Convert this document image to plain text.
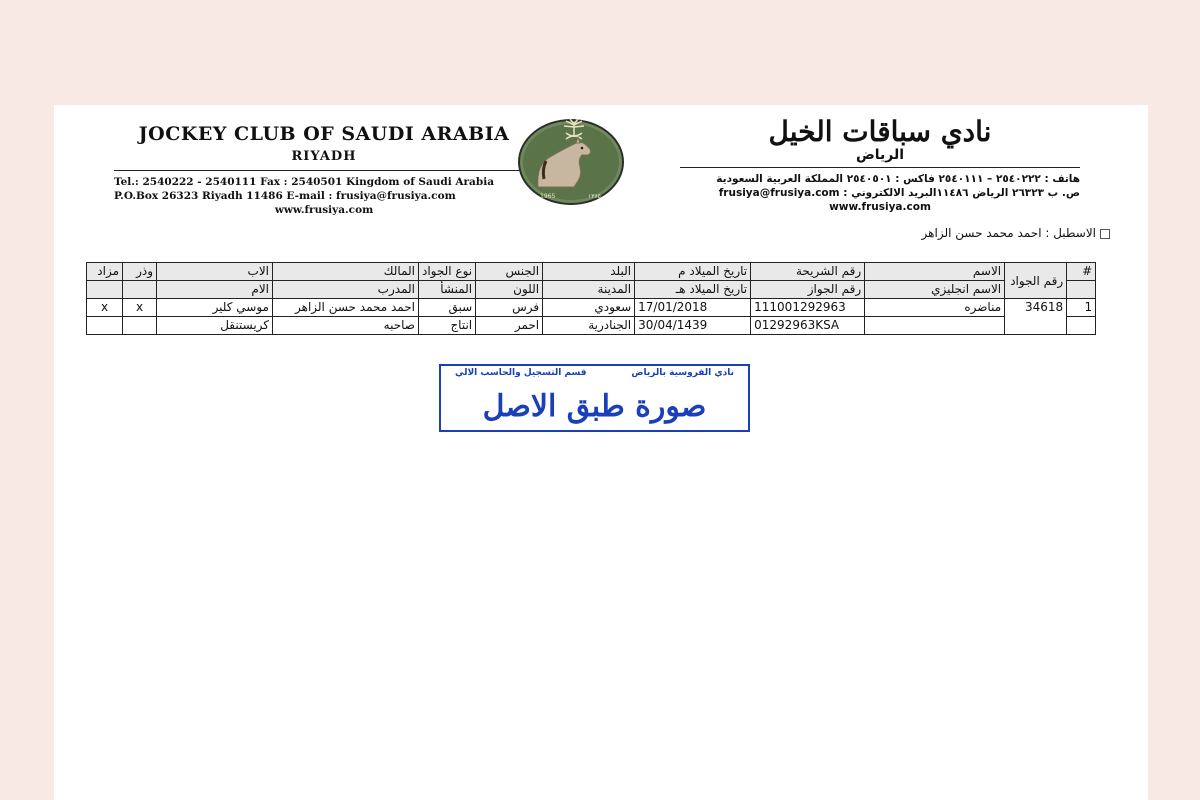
JOCKEY CLUB OF SAUDI ARABIA
RIYADH
Tel.: 2540222 - 2540111 Fax : 2540501 Kingdom of Saudi Arabia
P.O.Box 26323 Riyadh 11486 E-mail : frusiya@frusiya.com
www.frusiya.com
1965	١٣٨٥
نادي سباقات الخيل
الرياض
هاتف : ٢٥٤٠٢٢٢ – ٢٥٤٠١١١ فاكس : ٢٥٤٠٥٠١ المملكة العربية السعودية
ص. ب ٢٦٣٢٣ الرياض ١١٤٨٦البريد الالكتروني : frusiya@frusiya.com
www.frusiya.com
الاسطبل : احمد محمد حسن الزاهر
#	رقم الجواد	الاسم	رقم الشريحة	تاريخ الميلاد م	البلد	الجنس	نوع الجواد	المالك	الاب	وذر	مزاد
		الاسم انجليزي	رقم الجواز	تاريخ الميلاد هـ	المدينة	اللون	المنشأ	المدرب	الام		
1	34618	مناضره	111001292963	17/01/2018	سعودي	فرس	سبق	احمد محمد حسن الزاهر	موسي كلير	x	x
			01292963KSA	30/04/1439	الجنادرية	احمر	انتاج	صاحبه	كريستنقل		
نادي الفروسية بالرياض
قسم التسجيل والحاسب الالي
صورة طبق الاصل
